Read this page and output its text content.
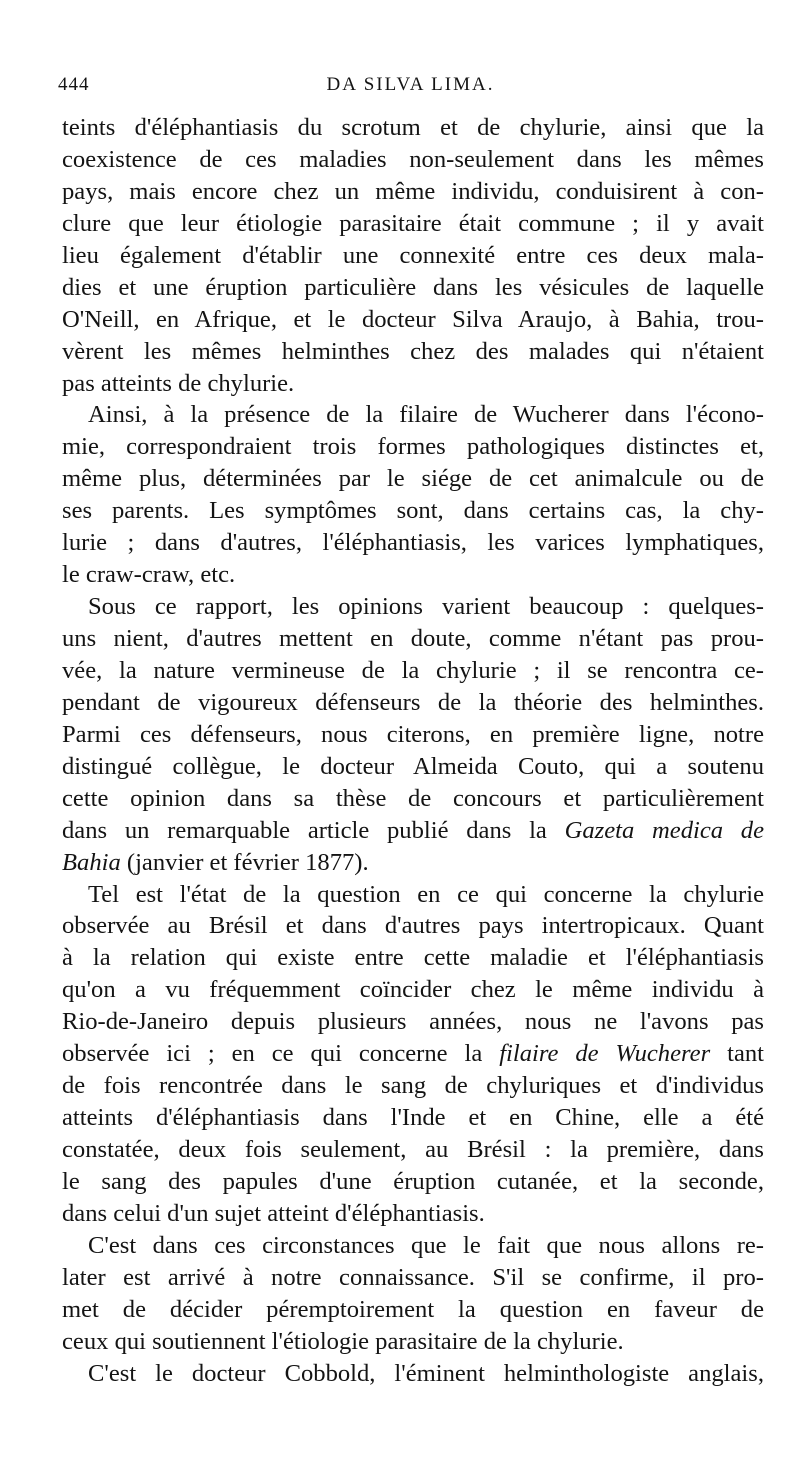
444	DA SILVA LIMA.
teints d'éléphantiasis du scrotum et de chylurie, ainsi que la
coexistence de ces maladies non-seulement dans les mêmes
pays, mais encore chez un même individu, conduisirent à con-
clure que leur étiologie parasitaire était commune ; il y avait
lieu également d'établir une connexité entre ces deux mala-
dies et une éruption particulière dans les vésicules de laquelle
O'Neill, en Afrique, et le docteur Silva Araujo, à Bahia, trou-
vèrent les mêmes helminthes chez des malades qui n'étaient
pas atteints de chylurie.
Ainsi, à la présence de la filaire de Wucherer dans l'écono-
mie, correspondraient trois formes pathologiques distinctes et,
même plus, déterminées par le siége de cet animalcule ou de
ses parents. Les symptômes sont, dans certains cas, la chy-
lurie ; dans d'autres, l'éléphantiasis, les varices lymphatiques,
le craw-craw, etc.
Sous ce rapport, les opinions varient beaucoup : quelques-
uns nient, d'autres mettent en doute, comme n'étant pas prou-
vée, la nature vermineuse de la chylurie ; il se rencontra ce-
pendant de vigoureux défenseurs de la théorie des helminthes.
Parmi ces défenseurs, nous citerons, en première ligne, notre
distingué collègue, le docteur Almeida Couto, qui a soutenu
cette opinion dans sa thèse de concours et particulièrement
dans un remarquable article publié dans la Gazeta medica de
Bahia (janvier et février 1877).
Tel est l'état de la question en ce qui concerne la chylurie
observée au Brésil et dans d'autres pays intertropicaux. Quant
à la relation qui existe entre cette maladie et l'éléphantiasis
qu'on a vu fréquemment coïncider chez le même individu à
Rio-de-Janeiro depuis plusieurs années, nous ne l'avons pas
observée ici ; en ce qui concerne la filaire de Wucherer tant
de fois rencontrée dans le sang de chyluriques et d'individus
atteints d'éléphantiasis dans l'Inde et en Chine, elle a été
constatée, deux fois seulement, au Brésil : la première, dans
le sang des papules d'une éruption cutanée, et la seconde,
dans celui d'un sujet atteint d'éléphantiasis.
C'est dans ces circonstances que le fait que nous allons re-
later est arrivé à notre connaissance. S'il se confirme, il pro-
met de décider péremptoirement la question en faveur de
ceux qui soutiennent l'étiologie parasitaire de la chylurie.
C'est le docteur Cobbold, l'éminent helminthologiste anglais,
